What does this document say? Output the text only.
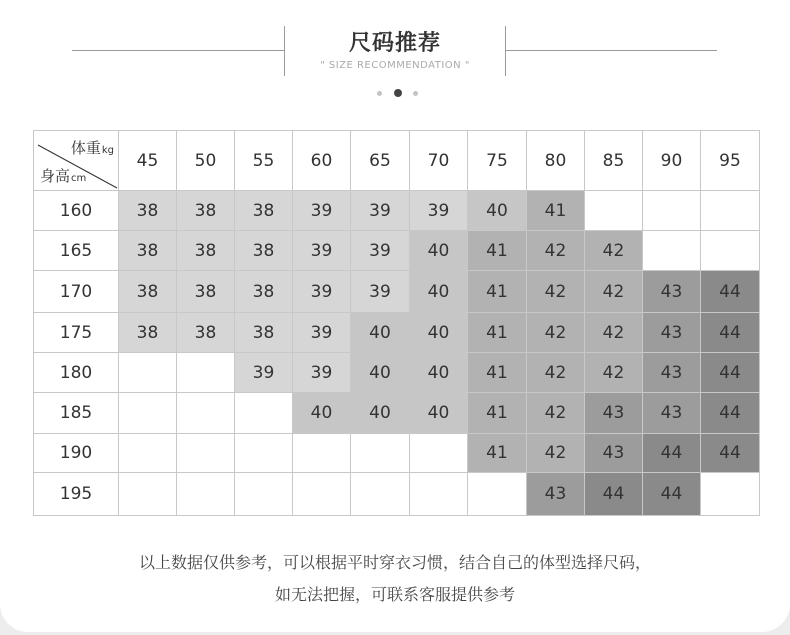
尺码推荐
" SIZE RECOMMENDATION "
体重kg
身高cm	45	50	55	60	65	70	75	80	85	90	95
160	38	38	38	39	39	39	40	41			
165	38	38	38	39	39	40	41	42	42		
170	38	38	38	39	39	40	41	42	42	43	44
175	38	38	38	39	40	40	41	42	42	43	44
180			39	39	40	40	41	42	42	43	44
185				40	40	40	41	42	43	43	44
190							41	42	43	44	44
195								43	44	44	
以上数据仅供参考，可以根据平时穿衣习惯，结合自己的体型选择尺码，
如无法把握，可联系客服提供参考
